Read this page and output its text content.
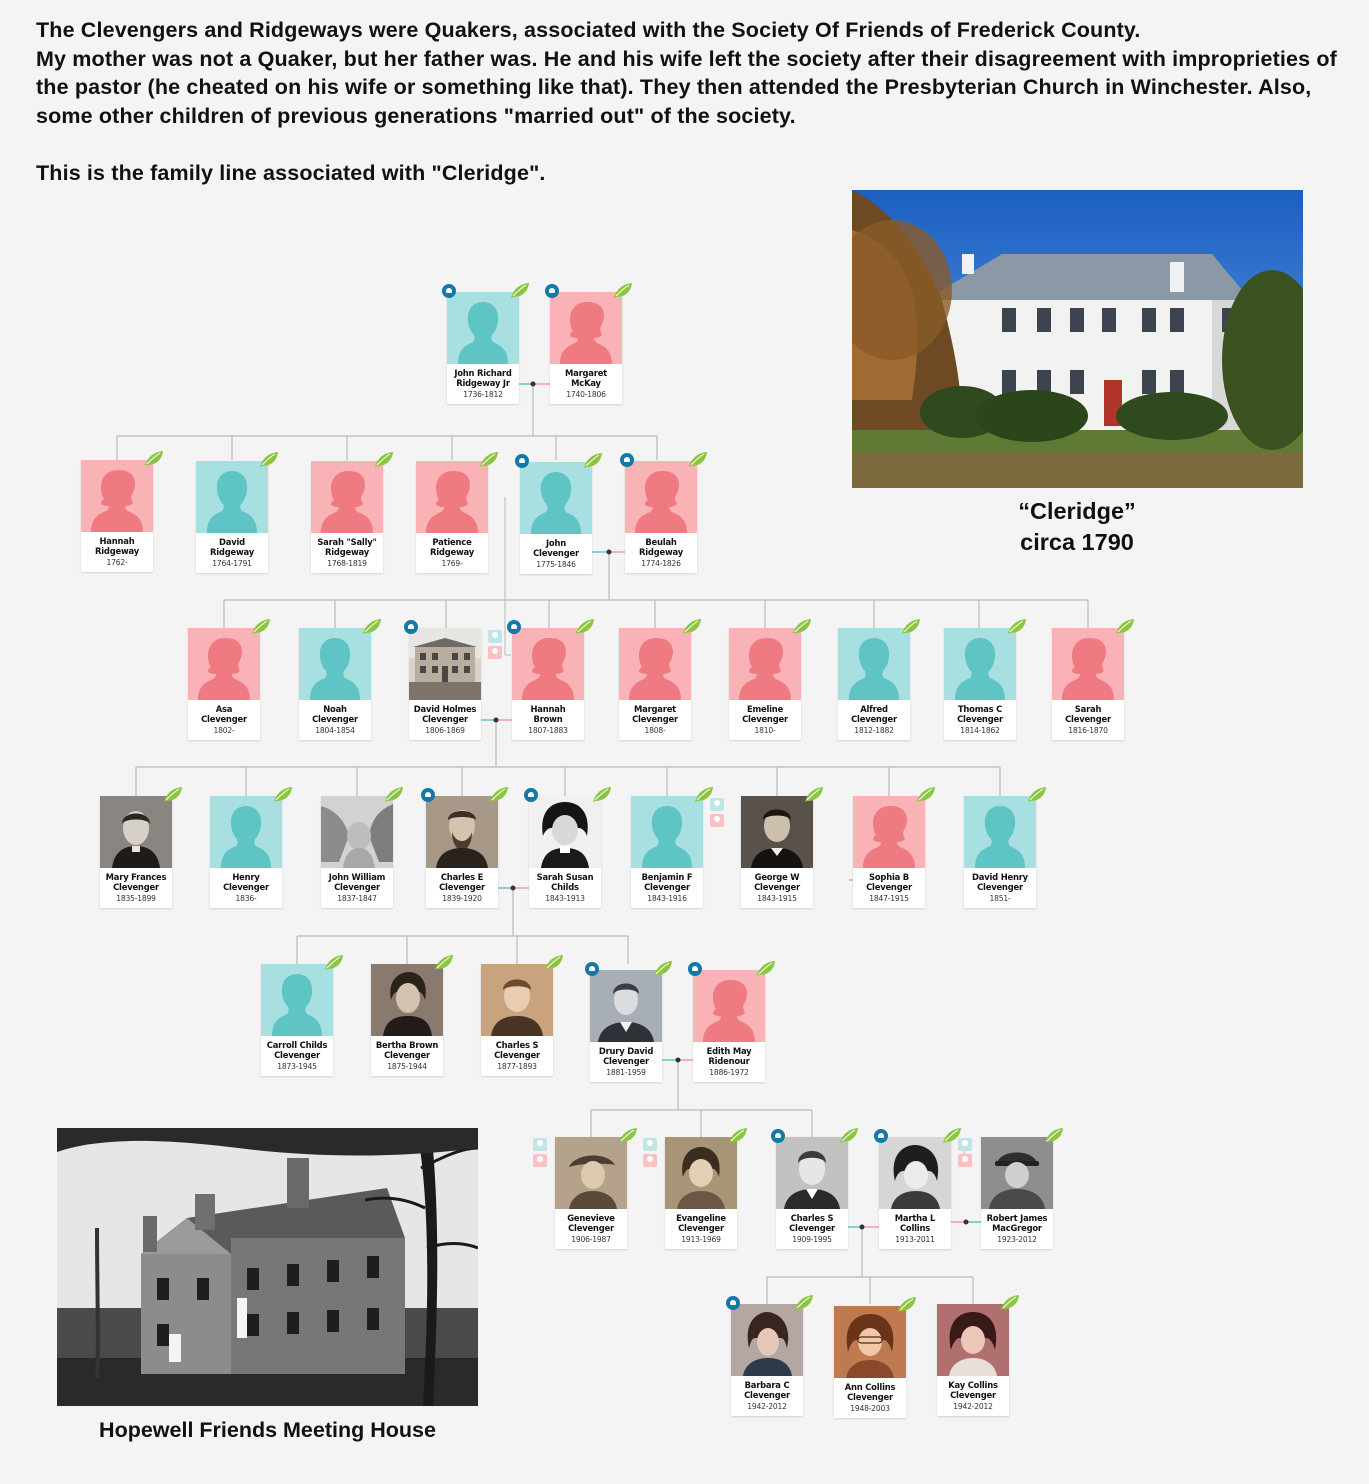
The Clevengers and Ridgeways were Quakers, associated with the Society Of Friends of Frederick County.

My mother was not a Quaker, but her father was. He and his wife left the society after their disagreement with improprieties of the pastor (he cheated on his wife or something like that). They then attended the Presbyterian Church in Winchester. Also, some other children of previous generations "married out" of the society.

This is the family line associated with "Cleridge".

John Richard
Ridgeway Jr
1736-1812
Margaret
McKay
1740-1806
Hannah
Ridgeway
1762-
David
Ridgeway
1764-1791
Sarah "Sally"
Ridgeway
1768-1819
Patience
Ridgeway
1769-
John
Clevenger
1775-1846
Beulah
Ridgeway
1774-1826
Asa
Clevenger
1802-
Noah
Clevenger
1804-1854
David Holmes
Clevenger
1806-1869
Hannah
Brown
1807-1883
Margaret
Clevenger
1808-
Emeline
Clevenger
1810-
Alfred
Clevenger
1812-1882
Thomas C
Clevenger
1814-1862
Sarah
Clevenger
1816-1870
Mary Frances
Clevenger
1835-1899
Henry
Clevenger
1836-
John William
Clevenger
1837-1847
Charles E
Clevenger
1839-1920
Sarah Susan
Childs
1843-1913
Benjamin F
Clevenger
1843-1916
George W
Clevenger
1843-1915
Sophia B
Clevenger
1847-1915
David Henry
Clevenger
1851-
Carroll Childs
Clevenger
1873-1945
Bertha Brown
Clevenger
1875-1944
Charles S
Clevenger
1877-1893
Drury David
Clevenger
1881-1959
Edith May
Ridenour
1886-1972
Genevieve
Clevenger
1906-1987
Evangeline
Clevenger
1913-1969
Charles S
Clevenger
1909-1995
Martha L
Collins
1913-2011
Robert James
MacGregor
1923-2012
Barbara C
Clevenger
1942-2012
Ann Collins
Clevenger
1948-2003
Kay Collins
Clevenger
1942-2012
“Cleridge”
circa 1790
Hopewell Friends Meeting House
